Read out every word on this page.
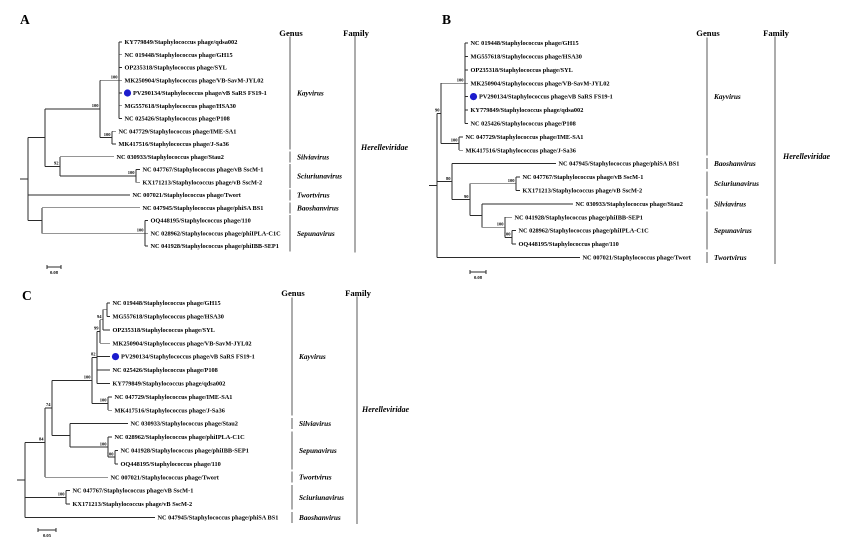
A
KY779849/Staphylococcus phage/qdsa002
NC 019448/Staphylococcus phage/GH15
OP235318/Staphylococcus phage/SYL
MK250904/Staphylococcus phage/VB-SavM-JYL02
PV290134/Staphylococcus phage/vB SaRS FS19-1
MG557618/Staphylococcus phage/HSA30
NC 025426/Staphylococcus phage/P108
100
NC 047729/Staphylococcus phage/IME-SA1
MK417516/Staphylococcus phage/J-Sa36
100
100
NC 030933/Staphylococcus phage/Stau2
NC 047767/Staphylococcus phage/vB SscM-1
KX171213/Staphylococcus phage/vB SscM-2
100
92
NC 007021/Staphylococcus phage/Twort
NC 047945/Staphylococcus phage/phiSA BS1
OQ448195/Staphylococcus phage/110
NC 028962/Staphylococcus phage/phiIPLA-C1C
NC 041928/Staphylococcus phage/phiIBB-SEP1
100
Genus	Family
Kayvirus
Silviavirus
Sciuriunavirus
Twortvirus
Baoshanvirus
Sepunavirus
Herelleviridae
0.08
B
NC 019448/Staphylococcus phage/GH15
MG557618/Staphylococcus phage/HSA30
OP235318/Staphylococcus phage/SYL
MK250904/Staphylococcus phage/VB-SavM-JYL02
PV290134/Staphylococcus phage/vB SaRS FS19-1
KY779849/Staphylococcus phage/qdsa002
NC 025426/Staphylococcus phage/P108
100
NC 047729/Staphylococcus phage/IME-SA1
MK417516/Staphylococcus phage/J-Sa36
100
90
NC 047945/Staphylococcus phage/phiSA BS1
NC 047767/Staphylococcus phage/vB SscM-1
KX171213/Staphylococcus phage/vB SscM-2
100
NC 030933/Staphylococcus phage/Stau2
NC 041928/Staphylococcus phage/phiIBB-SEP1
NC 028962/Staphylococcus phage/phiIPLA-C1C
OQ448195/Staphylococcus phage/110
100
100
90
80
NC 007021/Staphylococcus phage/Twort
Genus	Family
Kayvirus
Baoshanvirus
Sciuriunavirus
Silviavirus
Sepunavirus
Twortvirus
Herelleviridae
0.08
C
NC 019448/Staphylococcus phage/GH15
MG557618/Staphylococcus phage/HSA30
OP235318/Staphylococcus phage/SYL
94
MK250904/Staphylococcus phage/VB-SavM-JYL02
99
PV290134/Staphylococcus phage/vB SaRS FS19-1
NC 025426/Staphylococcus phage/P108
KY779849/Staphylococcus phage/qdsa002
82
NC 047729/Staphylococcus phage/IME-SA1
MK417516/Staphylococcus phage/J-Sa36
100
100
NC 030933/Staphylococcus phage/Stau2
NC 028962/Staphylococcus phage/phiIPLA-C1C
NC 041928/Staphylococcus phage/phiIBB-SEP1
OQ448195/Staphylococcus phage/110
100
100
74
NC 007021/Staphylococcus phage/Twort
84
NC 047767/Staphylococcus phage/vB SscM-1
KX171213/Staphylococcus phage/vB SscM-2
100
NC 047945/Staphylococcus phage/phiSA BS1
Genus	Family
Kayvirus
Silviavirus
Sepunavirus
Twortvirus
Sciuriunavirus
Baoshanvirus
Herelleviridae
0.05
